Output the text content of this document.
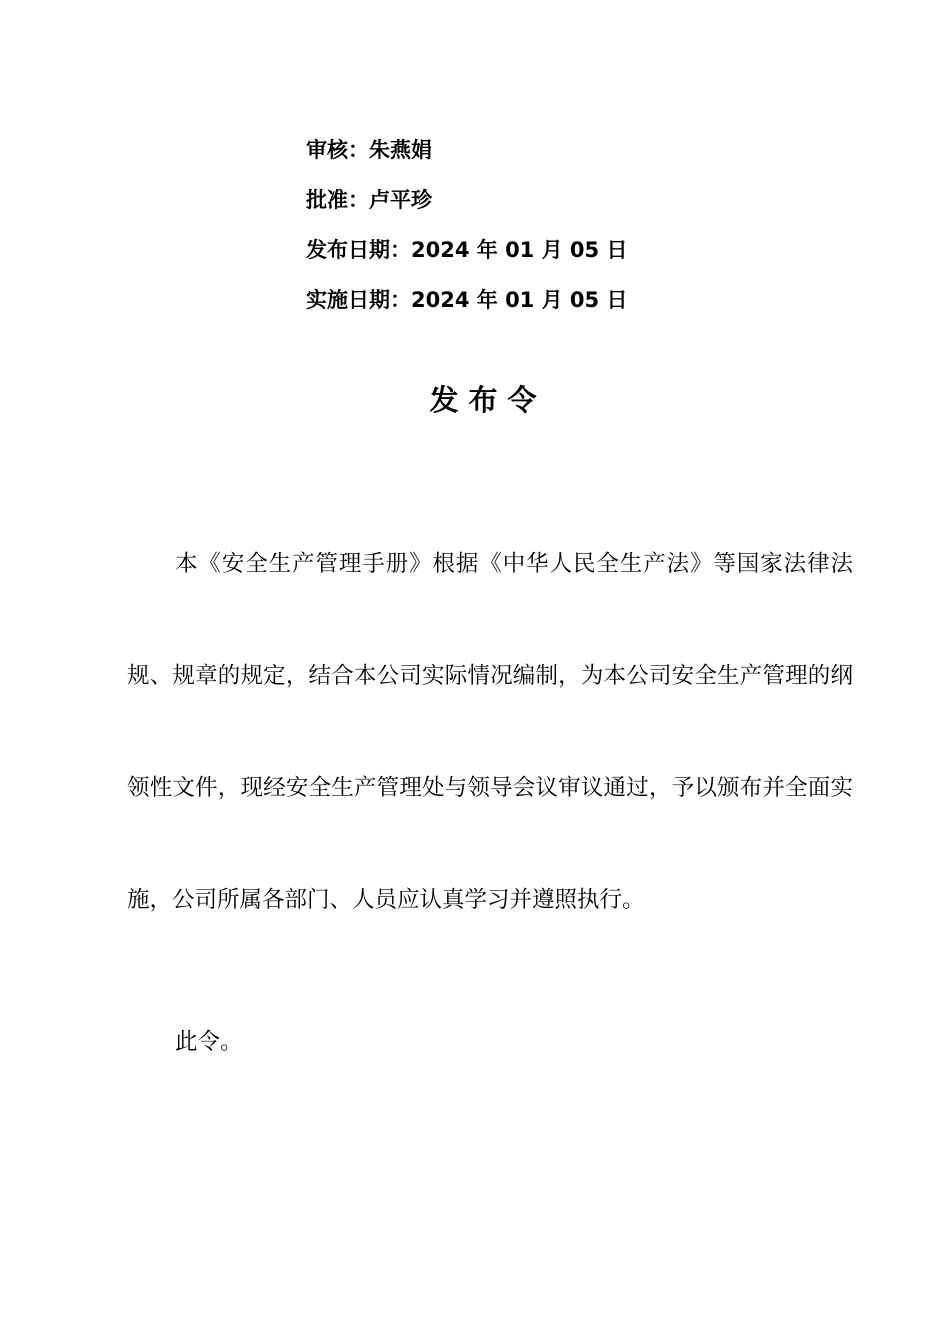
审核：朱燕娟
批准：卢平珍
发布日期：2024 年 01 月 05 日
实施日期：2024 年 01 月 05 日
发布令

本《安全生产管理手册》根据《中华人民全生产法》等国家法律法规、规章的规定，结合本公司实际情况编制，为本公司安全生产管理的纲领性文件，现经安全生产管理处与领导会议审议通过，予以颁布并全面实施，公司所属各部门、人员应认真学习并遵照执行。

此令。
